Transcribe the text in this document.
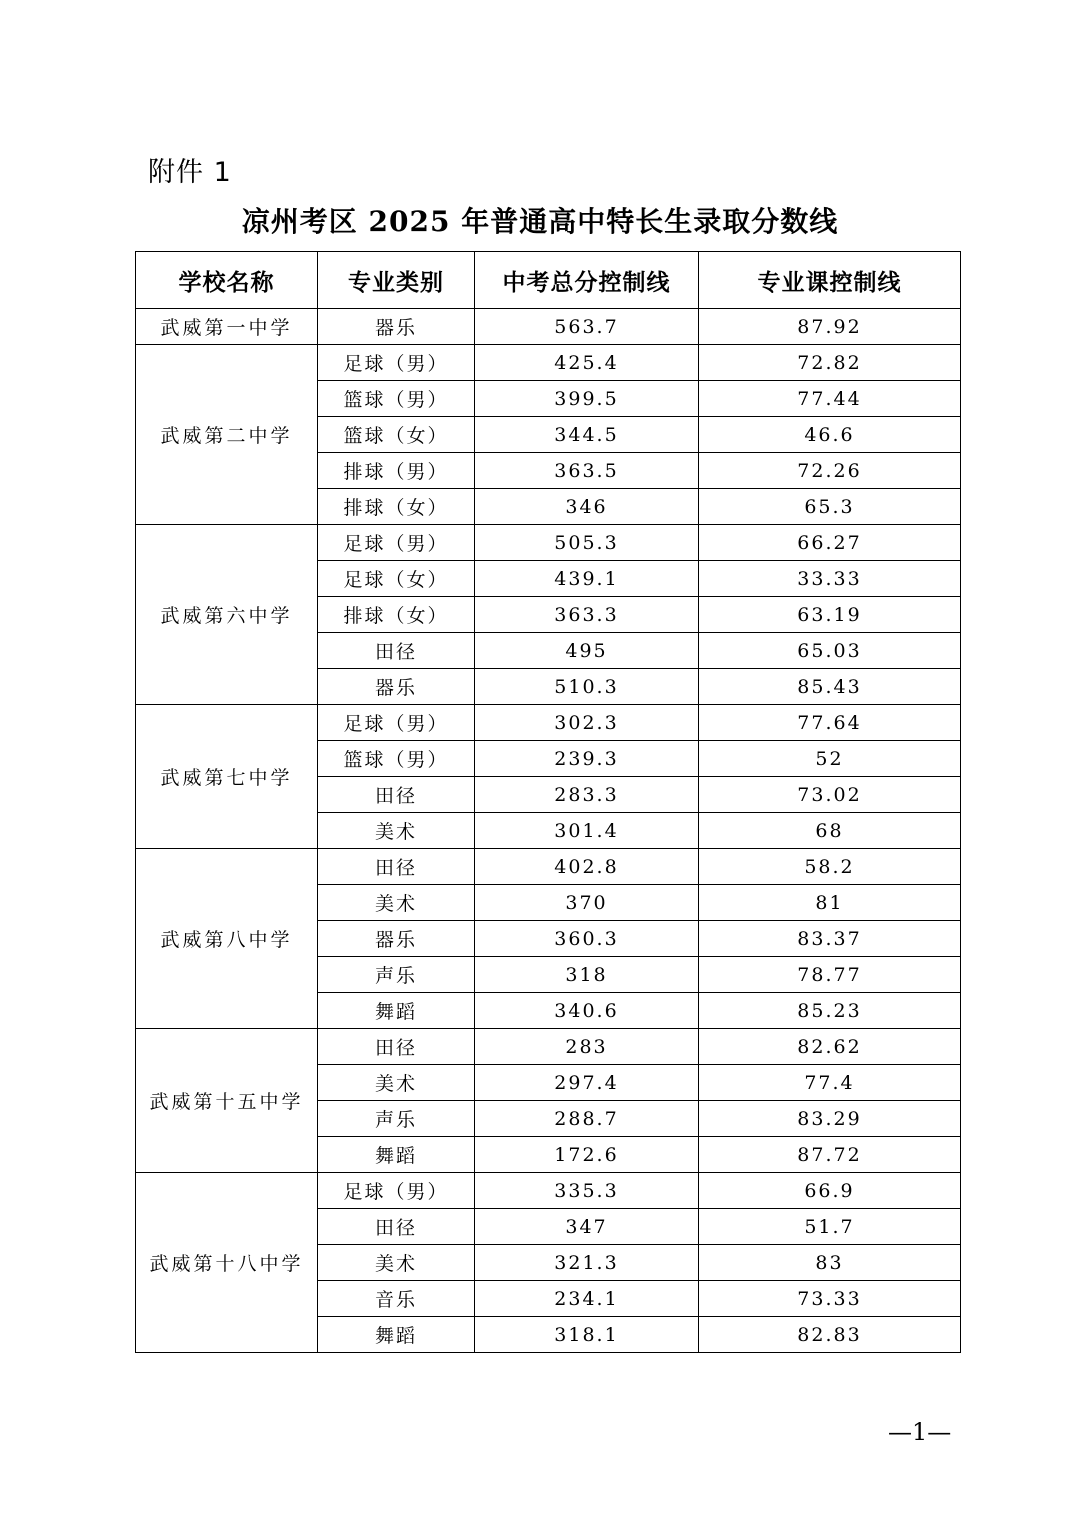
附件 1
凉州考区 2025 年普通高中特长生录取分数线
学校名称	专业类别	中考总分控制线	专业课控制线
武威第一中学	器乐	563.7	87.92
武威第二中学	足球（男）	425.4	72.82
	篮球（男）	399.5	77.44
	篮球（女）	344.5	46.6
	排球（男）	363.5	72.26
	排球（女）	346	65.3
武威第六中学	足球（男）	505.3	66.27
	足球（女）	439.1	33.33
	排球（女）	363.3	63.19
	田径	495	65.03
	器乐	510.3	85.43
武威第七中学	足球（男）	302.3	77.64
	篮球（男）	239.3	52
	田径	283.3	73.02
	美术	301.4	68
武威第八中学	田径	402.8	58.2
	美术	370	81
	器乐	360.3	83.37
	声乐	318	78.77
	舞蹈	340.6	85.23
武威第十五中学	田径	283	82.62
	美术	297.4	77.4
	声乐	288.7	83.29
	舞蹈	172.6	87.72
武威第十八中学	足球（男）	335.3	66.9
	田径	347	51.7
	美术	321.3	83
	音乐	234.1	73.33
	舞蹈	318.1	82.83
—1—
